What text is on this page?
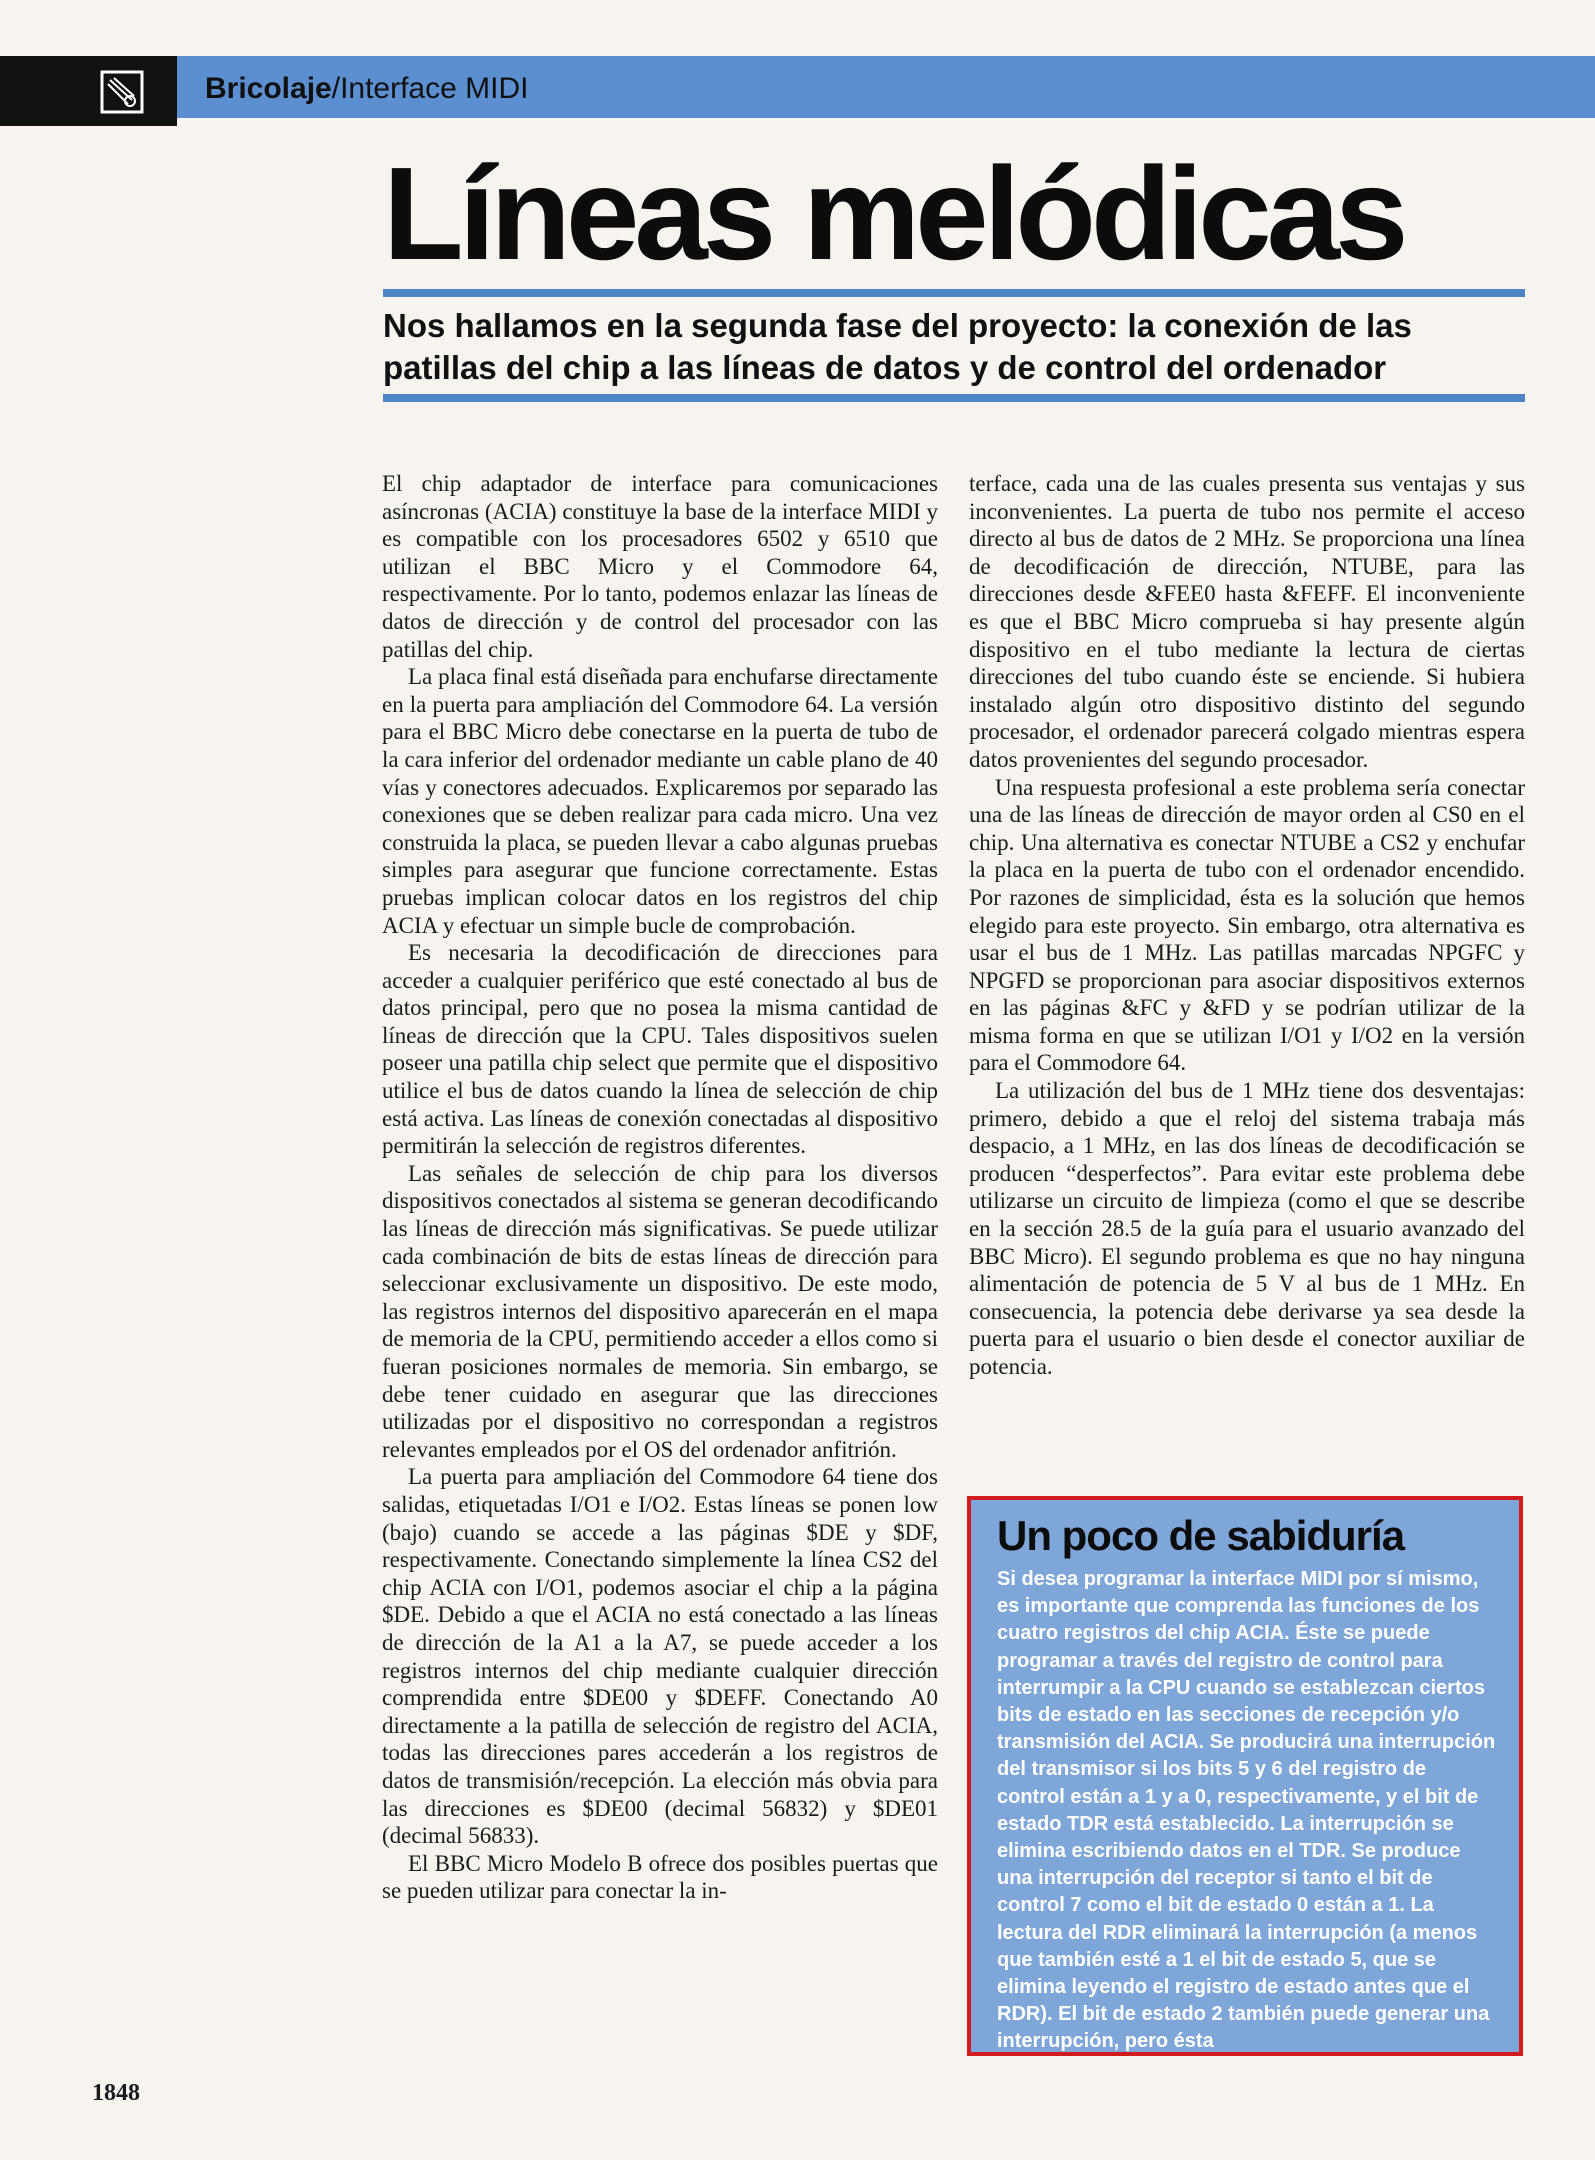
Bricolaje/Interface MIDI
Líneas melódicas
Nos hallamos en la segunda fase del proyecto: la conexión de las patillas del chip a las líneas de datos y de control del ordenador

El chip adaptador de interface para comunicaciones asíncronas (ACIA) constituye la base de la interface MIDI y es compatible con los procesadores 6502 y 6510 que utilizan el BBC Micro y el Commodore 64, respectivamente. Por lo tanto, podemos enlazar las líneas de datos de dirección y de control del procesador con las patillas del chip.

La placa final está diseñada para enchufarse directamente en la puerta para ampliación del Commodore 64. La versión para el BBC Micro debe conectarse en la puerta de tubo de la cara inferior del ordenador mediante un cable plano de 40 vías y conectores adecuados. Explicaremos por separado las conexiones que se deben realizar para cada micro. Una vez construida la placa, se pueden llevar a cabo algunas pruebas simples para asegurar que funcione correctamente. Estas pruebas implican colocar datos en los registros del chip ACIA y efectuar un simple bucle de comprobación.

Es necesaria la decodificación de direcciones para acceder a cualquier periférico que esté conectado al bus de datos principal, pero que no posea la misma cantidad de líneas de dirección que la CPU. Tales dispositivos suelen poseer una patilla chip select que permite que el dispositivo utilice el bus de datos cuando la línea de selección de chip está activa. Las líneas de conexión conectadas al dispositivo permitirán la selección de registros diferentes.

Las señales de selección de chip para los diversos dispositivos conectados al sistema se generan decodificando las líneas de dirección más significativas. Se puede utilizar cada combinación de bits de estas líneas de dirección para seleccionar exclusivamente un dispositivo. De este modo, las registros internos del dispositivo aparecerán en el mapa de memoria de la CPU, permitiendo acceder a ellos como si fueran posiciones normales de memoria. Sin embargo, se debe tener cuidado en asegurar que las direcciones utilizadas por el dispositivo no correspondan a registros relevantes empleados por el OS del ordenador anfitrión.

La puerta para ampliación del Commodore 64 tiene dos salidas, etiquetadas I/O1 e I/O2. Estas líneas se ponen low (bajo) cuando se accede a las páginas $DE y $DF, respectivamente. Conectando simplemente la línea CS2 del chip ACIA con I/O1, podemos asociar el chip a la página $DE. Debido a que el ACIA no está conectado a las líneas de dirección de la A1 a la A7, se puede acceder a los registros internos del chip mediante cualquier dirección comprendida entre $DE00 y $DEFF. Conectando A0 directamente a la patilla de selección de registro del ACIA, todas las direcciones pares accederán a los registros de datos de transmisión/recepción. La elección más obvia para las direcciones es $DE00 (decimal 56832) y $DE01 (decimal 56833).

El BBC Micro Modelo B ofrece dos posibles puertas que se pueden utilizar para conectar la in-

terface, cada una de las cuales presenta sus ventajas y sus inconvenientes. La puerta de tubo nos permite el acceso directo al bus de datos de 2 MHz. Se proporciona una línea de decodificación de dirección, NTUBE, para las direcciones desde &FEE0 hasta &FEFF. El inconveniente es que el BBC Micro comprueba si hay presente algún dispositivo en el tubo mediante la lectura de ciertas direcciones del tubo cuando éste se enciende. Si hubiera instalado algún otro dispositivo distinto del segundo procesador, el ordenador parecerá colgado mientras espera datos provenientes del segundo procesador.

Una respuesta profesional a este problema sería conectar una de las líneas de dirección de mayor orden al CS0 en el chip. Una alternativa es conectar NTUBE a CS2 y enchufar la placa en la puerta de tubo con el ordenador encendido. Por razones de simplicidad, ésta es la solución que hemos elegido para este proyecto. Sin embargo, otra alternativa es usar el bus de 1 MHz. Las patillas marcadas NPGFC y NPGFD se proporcionan para asociar dispositivos externos en las páginas &FC y &FD y se podrían utilizar de la misma forma en que se utilizan I/O1 y I/O2 en la versión para el Commodore 64.

La utilización del bus de 1 MHz tiene dos desventajas: primero, debido a que el reloj del sistema trabaja más despacio, a 1 MHz, en las dos líneas de decodificación se producen “desperfectos”. Para evitar este problema debe utilizarse un circuito de limpieza (como el que se describe en la sección 28.5 de la guía para el usuario avanzado del BBC Micro). El segundo problema es que no hay ninguna alimentación de potencia de 5 V al bus de 1 MHz. En consecuencia, la potencia debe derivarse ya sea desde la puerta para el usuario o bien desde el conector auxiliar de potencia.

Un poco de sabiduría

Si desea programar la interface MIDI por sí mismo, es importante que comprenda las funciones de los cuatro registros del chip ACIA. Éste se puede programar a través del registro de control para interrumpir a la CPU cuando se establezcan ciertos bits de estado en las secciones de recepción y/o transmisión del ACIA. Se producirá una interrupción del transmisor si los bits 5 y 6 del registro de control están a 1 y a 0, respectivamente, y el bit de estado TDR está establecido. La interrupción se elimina escribiendo datos en el TDR. Se produce una interrupción del receptor si tanto el bit de control 7 como el bit de estado 0 están a 1. La lectura del RDR eliminará la interrupción (a menos que también esté a 1 el bit de estado 5, que se elimina leyendo el registro de estado antes que el RDR). El bit de estado 2 también puede generar una interrupción, pero ésta

1848
